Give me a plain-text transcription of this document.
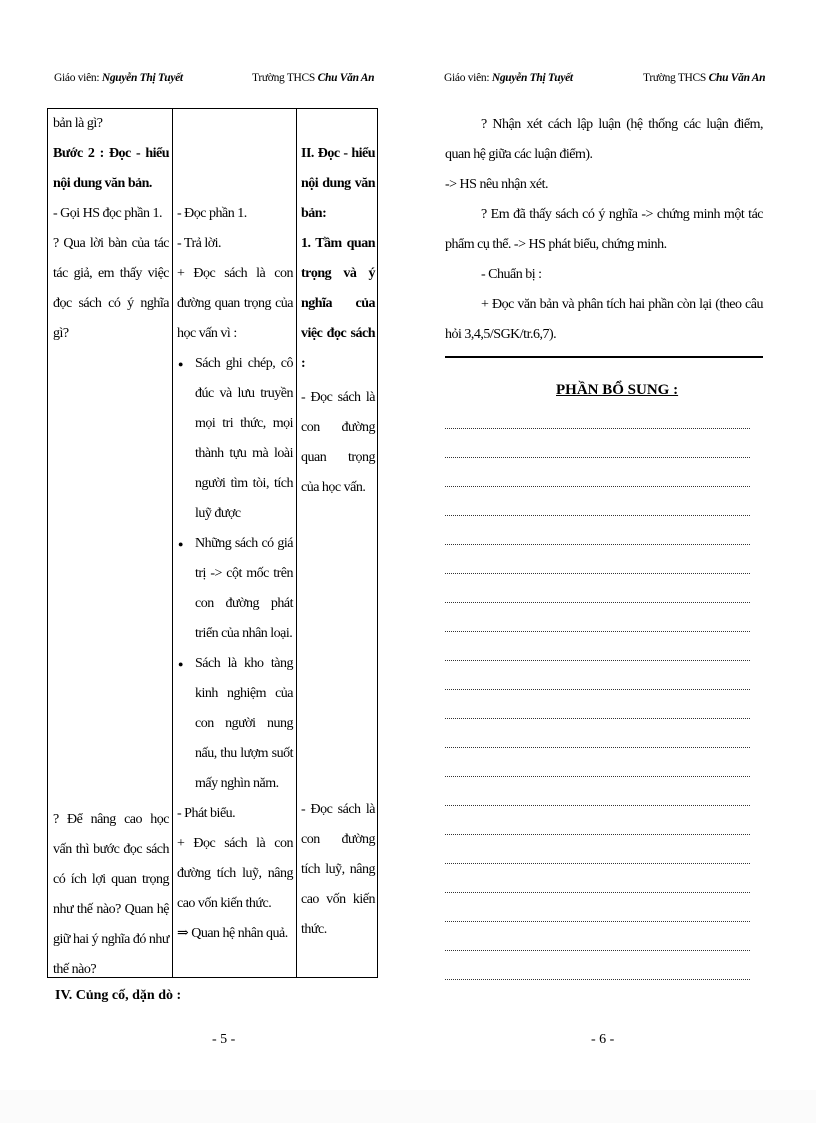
Giáo viên: Nguyễn Thị Tuyết	Trường THCS Chu Văn An
bản là gì?
Bước 2 : Đọc - hiểu nội dung văn bản.
- Gọi HS đọc phần 1.
? Qua lời bàn của tác tác giả, em thấy việc đọc sách có ý nghĩa gì?
? Để nâng cao học vấn thì bước đọc sách có ích lợi quan trọng như thế nào? Quan hệ giữ hai ý nghĩa đó như thế nào?
- Đọc phần 1.
- Trả lời.
+ Đọc sách là con đường quan trọng của học vấn vì :
● Sách ghi chép, cô đúc và lưu truyền mọi tri thức, mọi thành tựu mà loài người tìm tòi, tích luỹ được
● Những sách có giá trị -> cột mốc trên con đường phát triển của nhân loại.
● Sách là kho tàng kinh nghiệm của con người nung nấu, thu lượm suốt mấy nghìn năm.
- Phát biểu.
+ Đọc sách là con đường tích luỹ, nâng cao vốn kiến thức.
⇒ Quan hệ nhân quả.
II. Đọc - hiểu nội dung văn bản:
1. Tầm quan trọng và ý nghĩa của việc đọc sách :
- Đọc sách là con đường quan trọng của học vấn.
- Đọc sách là con đường tích luỹ, nâng cao vốn kiến thức.
IV. Củng cố, dặn dò :
- 5 -
Giáo viên: Nguyễn Thị Tuyết	Trường THCS Chu Văn An
? Nhận xét cách lập luận (hệ thống các luận điểm, quan hệ giữa các luận điểm).
-> HS nêu nhận xét.
? Em đã thấy sách có ý nghĩa -> chứng minh một tác phẩm cụ thể. -> HS phát biểu, chứng minh.
- Chuẩn bị :
+ Đọc văn bản và phân tích hai phần còn lại (theo câu hỏi 3,4,5/SGK/tr.6,7).
PHẦN BỔ SUNG :
- 6 -
